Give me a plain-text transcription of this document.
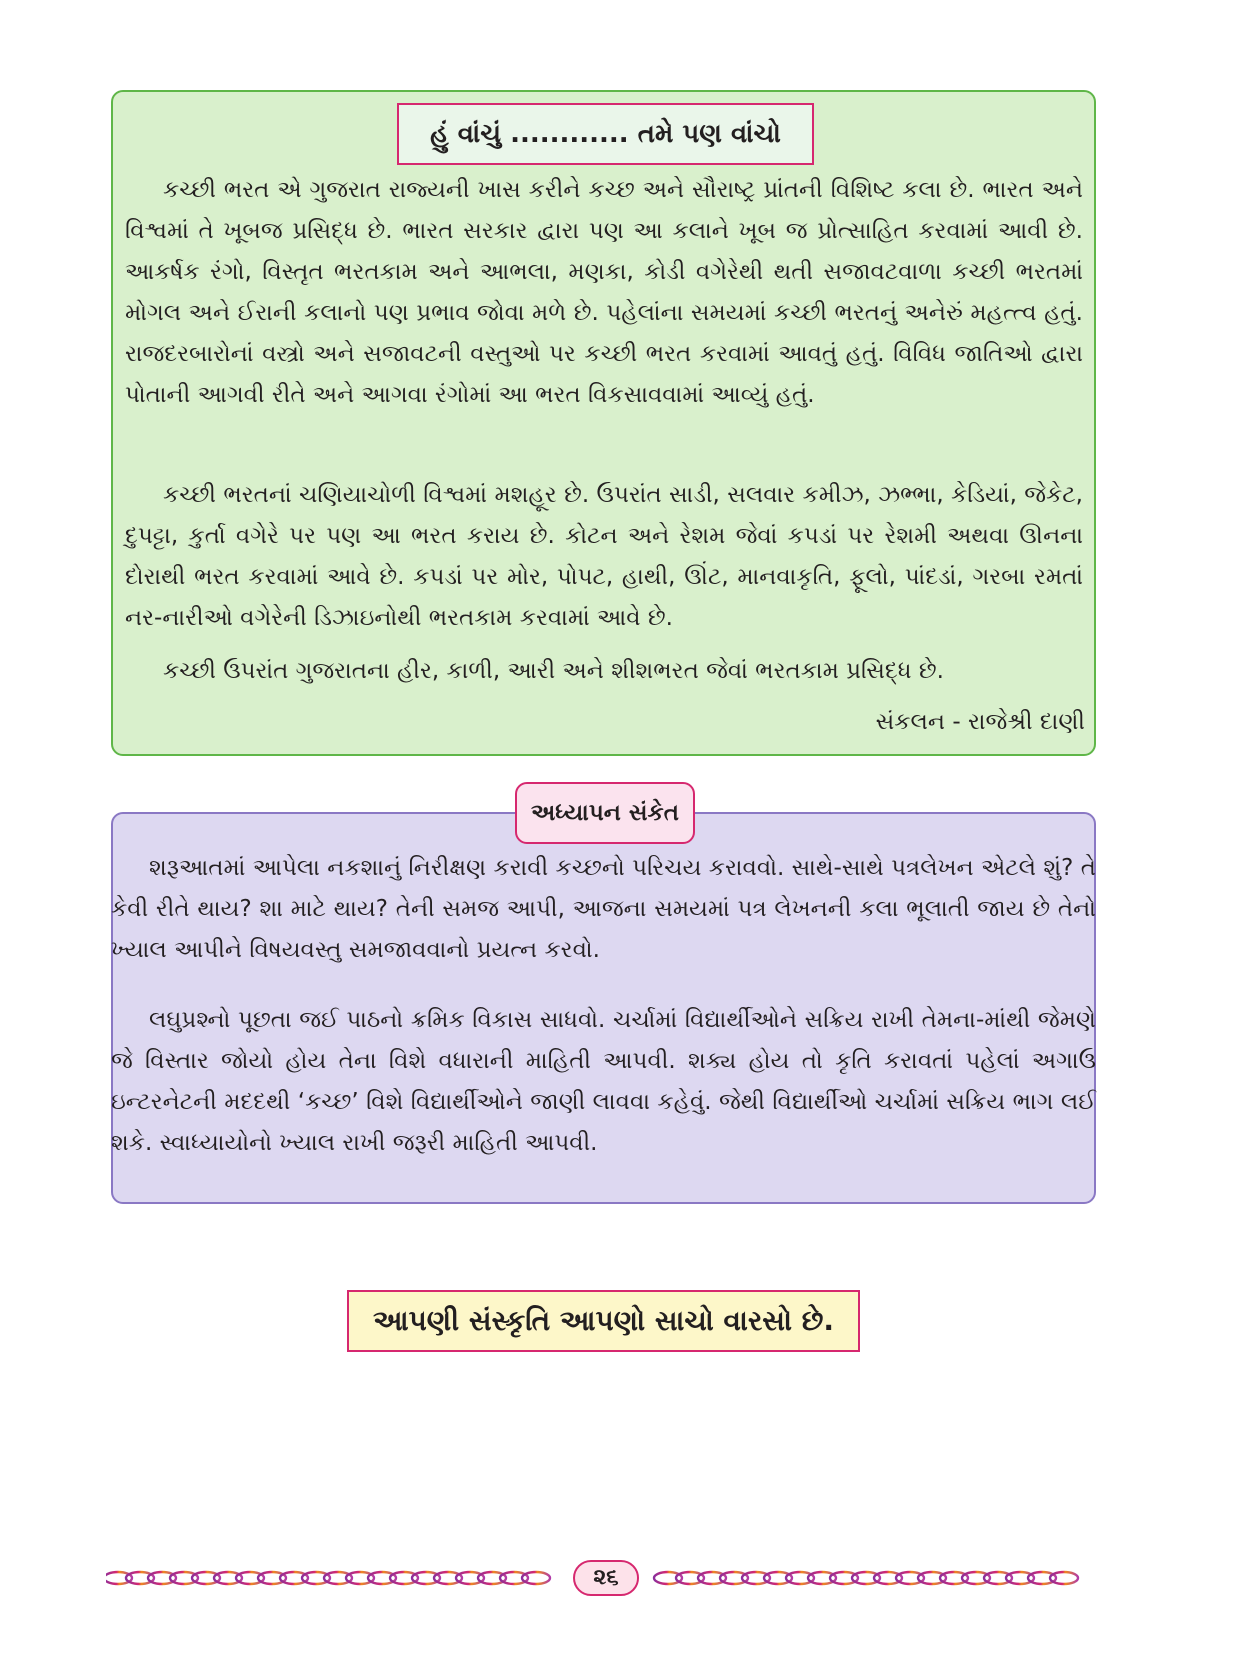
હું વાંચું ............ તમે પણ વાંચો
કચ્છી ભરત એ ગુજરાત રાજ્યની ખાસ કરીને કચ્છ અને સૌરાષ્ટ્ર પ્રાંતની વિશિષ્ટ કલા છે. ભારત અને વિશ્વમાં તે ખૂબજ પ્રસિદ્ધ છે. ભારત સરકાર દ્વારા પણ આ કલાને ખૂબ જ પ્રોત્સાહિત કરવામાં આવી છે. આકર્ષક રંગો, વિસ્તૃત ભરતકામ અને આભલા, મણકા, કોડી વગેરેથી થતી સજાવટવાળા કચ્છી ભરતમાં મોગલ અને ઈરાની કલાનો પણ પ્રભાવ જોવા મળે છે. પહેલાંના સમયમાં કચ્છી ભરતનું અનેરું મહત્ત્વ હતું. રાજદરબારોનાં વસ્ત્રો અને સજાવટની વસ્તુઓ પર કચ્છી ભરત કરવામાં આવતું હતું. વિવિધ જાતિઓ દ્વારા પોતાની આગવી રીતે અને આગવા રંગોમાં આ ભરત વિકસાવવામાં આવ્યું હતું.
કચ્છી ભરતનાં ચણિયાચોળી વિશ્વમાં મશહૂર છે. ઉપરાંત સાડી, સલવાર કમીઝ, ઝભ્ભા, કેડિયાં, જેકેટ, દુપટ્ટા, કુર્તા વગેરે પર પણ આ ભરત કરાય છે. કોટન અને રેશમ જેવાં કપડાં પર રેશમી અથવા ઊનના દોરાથી ભરત કરવામાં આવે છે. કપડાં પર મોર, પોપટ, હાથી, ઊંટ, માનવાકૃતિ, ફૂલો, પાંદડાં, ગરબા રમતાં નર-નારીઓ વગેરેની ડિઝાઇનોથી ભરતકામ કરવામાં આવે છે.
કચ્છી ઉપરાંત ગુજરાતના હીર, કાળી, આરી અને શીશભરત જેવાં ભરતકામ પ્રસિદ્ધ છે.
સંકલન - રાજેશ્રી દાણી
અધ્યાપન સંકેત
શરૂઆતમાં આપેલા નકશાનું નિરીક્ષણ કરાવી કચ્છનો પરિચય કરાવવો. સાથે-સાથે પત્રલેખન એટલે શું? તે કેવી રીતે થાય? શા માટે થાય? તેની સમજ આપી, આજના સમયમાં પત્ર લેખનની કલા ભૂલાતી જાય છે તેનો ખ્યાલ આપીને વિષયવસ્તુ સમજાવવાનો પ્રયત્ન કરવો.
લઘુપ્રશ્નો પૂછતા જઈ પાઠનો ક્રમિક વિકાસ સાધવો. ચર્ચામાં વિદ્યાર્થીઓને સક્રિય રાખી તેમના-માંથી જેમણે જે વિસ્તાર જોયો હોય તેના વિશે વધારાની માહિતી આપવી. શક્ય હોય તો કૃતિ કરાવતાં પહેલાં અગાઉ ઇન્ટરનેટની મદદથી ‘કચ્છ’ વિશે વિદ્યાર્થીઓને જાણી લાવવા કહેવું. જેથી વિદ્યાર્થીઓ ચર્ચામાં સક્રિય ભાગ લઈ શકે. સ્વાધ્યાયોનો ખ્યાલ રાખી જરૂરી માહિતી આપવી.
આપણી સંસ્કૃતિ આપણો સાચો વારસો છે.
૨૬
